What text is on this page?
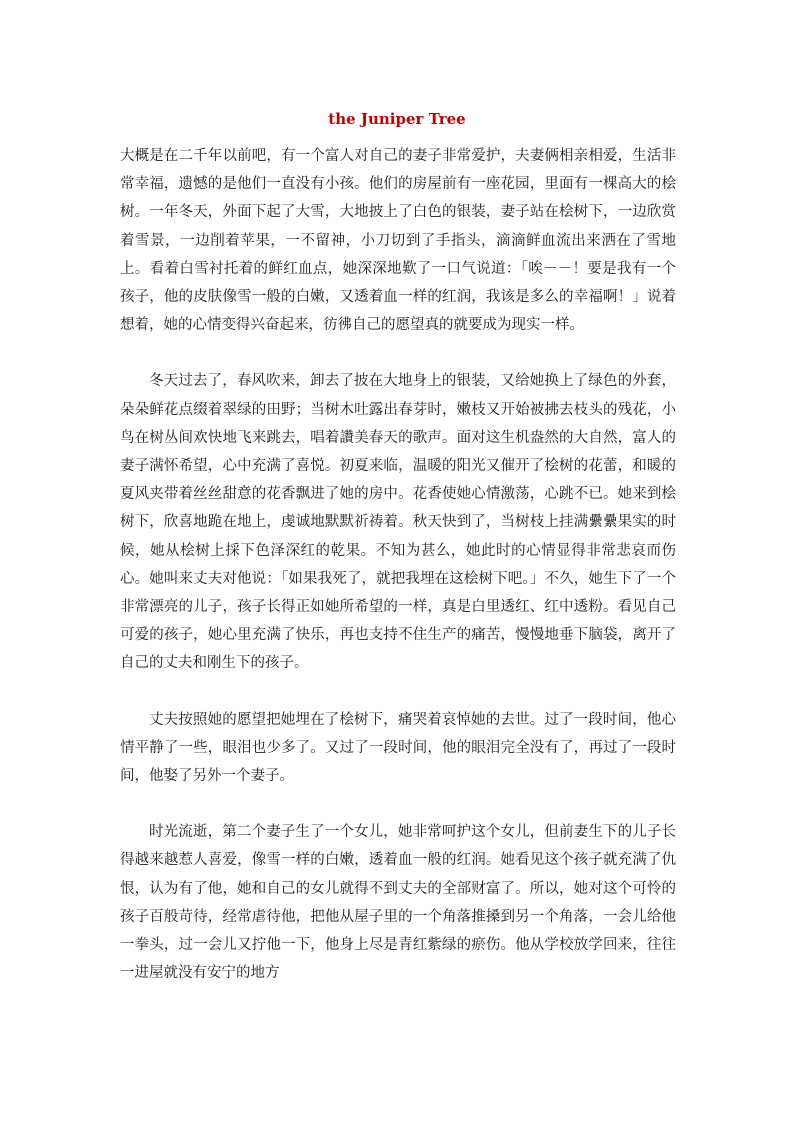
the Juniper Tree

大概是在二千年以前吧，有一个富人对自己的妻子非常爱护，夫妻俩相亲相爱，生活非常幸福，遗憾的是他们一直没有小孩。他们的房屋前有一座花园，里面有一棵高大的桧树。一年冬天，外面下起了大雪，大地披上了白色的银装，妻子站在桧树下，一边欣赏着雪景，一边削着苹果，一不留神，小刀切到了手指头，滴滴鲜血流出来洒在了雪地上。看着白雪衬托着的鲜红血点，她深深地歎了一口气说道：「唉－－！要是我有一个孩子，他的皮肤像雪一般的白嫩，又透着血一样的红润，我该是多么的幸福啊！」说着想着，她的心情变得兴奋起来，彷彿自己的愿望真的就要成为现实一样。

冬天过去了，春风吹来，卸去了披在大地身上的银装，又给她换上了绿色的外套，朵朵鲜花点缀着翠绿的田野；当树木吐露出春芽时，嫩枝又开始被拂去枝头的残花，小鸟在树丛间欢快地飞来跳去，唱着讚美春天的歌声。面对这生机盎然的大自然，富人的妻子满怀希望，心中充满了喜悦。初夏来临，温暖的阳光又催开了桧树的花蕾，和暖的夏风夹带着丝丝甜意的花香飘进了她的房中。花香使她心情激荡，心跳不已。她来到桧树下，欣喜地跪在地上，虔诚地默默祈祷着。秋天快到了，当树枝上挂满纍纍果实的时候，她从桧树上採下色泽深红的乾果。不知为甚么，她此时的心情显得非常悲哀而伤心。她叫来丈夫对他说：「如果我死了，就把我埋在这桧树下吧。」不久，她生下了一个非常漂亮的儿子，孩子长得正如她所希望的一样，真是白里透红、红中透粉。看见自己可爱的孩子，她心里充满了快乐，再也支持不住生产的痛苦，慢慢地垂下脑袋，离开了自己的丈夫和刚生下的孩子。

丈夫按照她的愿望把她埋在了桧树下，痛哭着哀悼她的去世。过了一段时间，他心情平静了一些，眼泪也少多了。又过了一段时间，他的眼泪完全没有了，再过了一段时间，他娶了另外一个妻子。

时光流逝，第二个妻子生了一个女儿，她非常呵护这个女儿，但前妻生下的儿子长得越来越惹人喜爱，像雪一样的白嫩，透着血一般的红润。她看见这个孩子就充满了仇恨，认为有了他，她和自己的女儿就得不到丈夫的全部财富了。所以，她对这个可怜的孩子百般苛待，经常虐待他，把他从屋子里的一个角落推搡到另一个角落，一会儿给他一拳头，过一会儿又拧他一下，他身上尽是青红紫绿的瘀伤。他从学校放学回来，往往一进屋就没有安宁的地方
